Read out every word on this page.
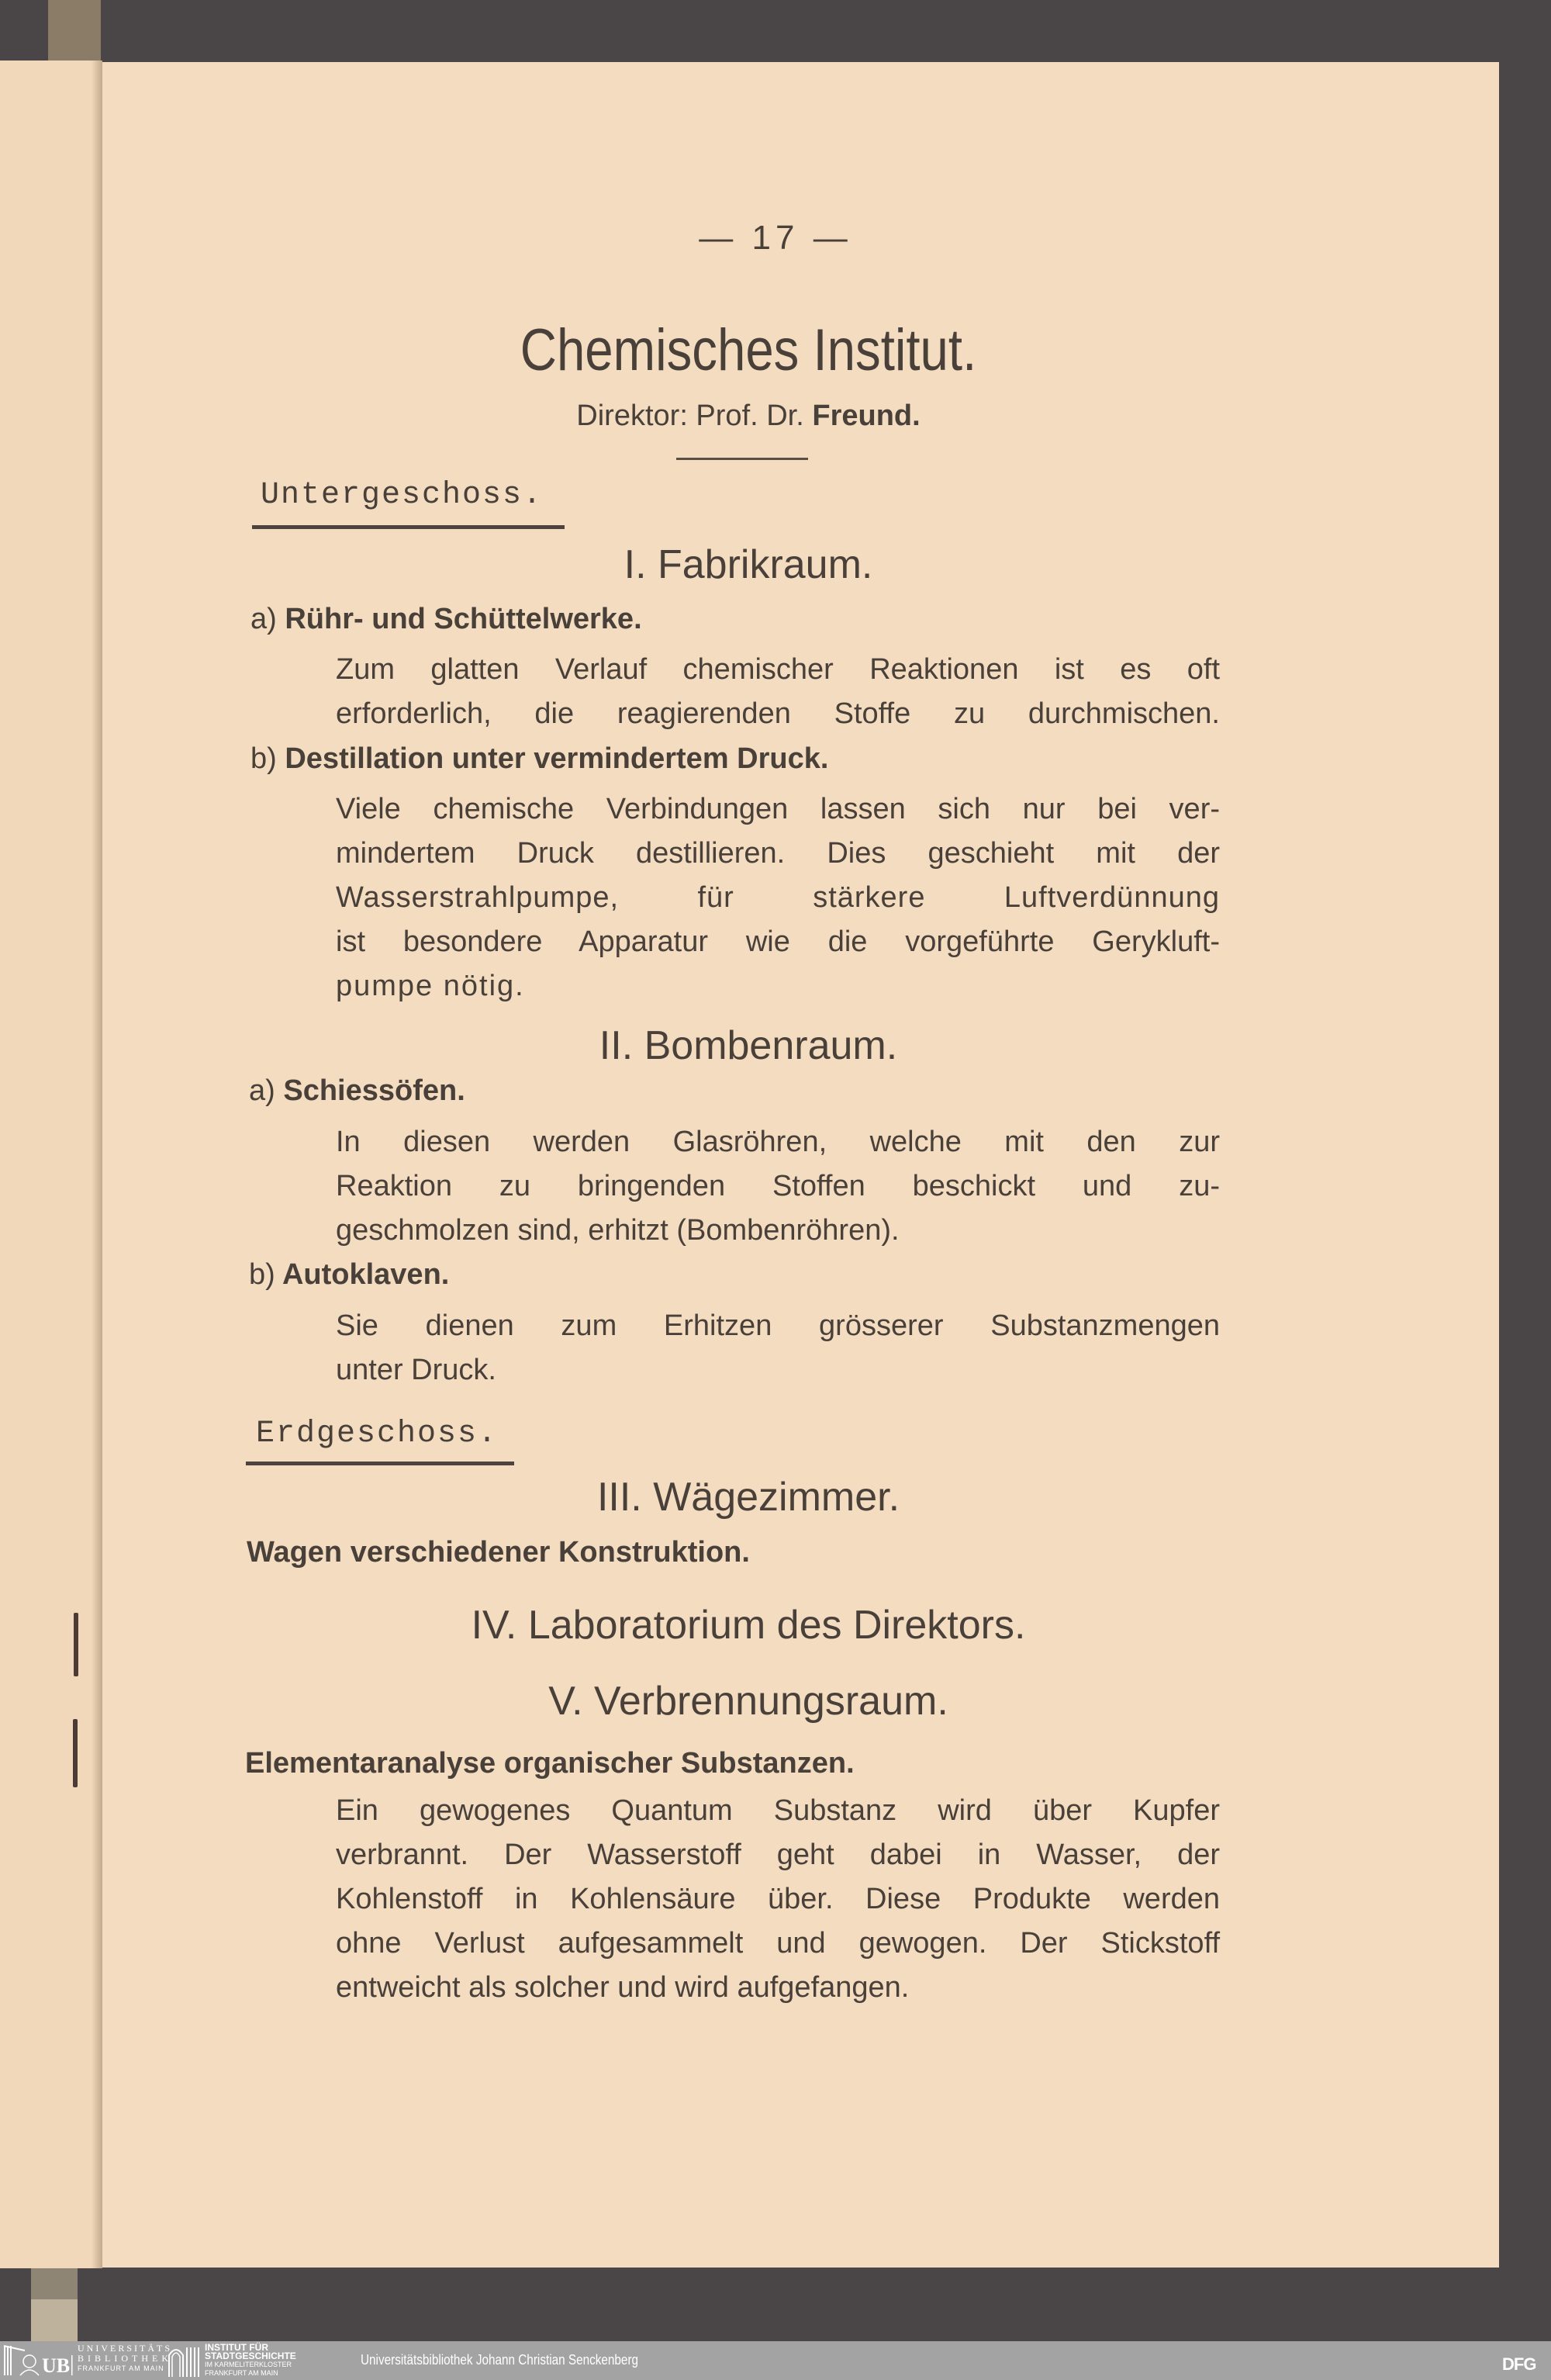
— 17 —
Chemisches Institut.
Direktor: Prof. Dr. Freund.
Untergeschoss.
I. Fabrikraum.
a) Rühr- und Schüttelwerke.
Zum glatten Verlauf chemischer Reaktionen ist es oft
erforderlich, die reagierenden Stoffe zu durchmischen.
b) Destillation unter vermindertem Druck.
Viele chemische Verbindungen lassen sich nur bei ver-
mindertem Druck destillieren. Dies geschieht mit der
Wasserstrahlpumpe, für stärkere Luftverdünnung
ist besondere Apparatur wie die vorgeführte Gerykluft-
pumpe nötig.
II. Bombenraum.
a) Schiessöfen.
In diesen werden Glasröhren, welche mit den zur
Reaktion zu bringenden Stoffen beschickt und zu-
geschmolzen sind, erhitzt (Bombenröhren).
b) Autoklaven.
Sie dienen zum Erhitzen grösserer Substanzmengen
unter Druck.
Erdgeschoss.
III. Wägezimmer.
Wagen verschiedener Konstruktion.
IV. Laboratorium des Direktors.
V. Verbrennungsraum.
Elementaranalyse organischer Substanzen.
Ein gewogenes Quantum Substanz wird über Kupfer
verbrannt. Der Wasserstoff geht dabei in Wasser, der
Kohlenstoff in Kohlensäure über. Diese Produkte werden
ohne Verlust aufgesammelt und gewogen. Der Stickstoff
entweicht als solcher und wird aufgefangen.
UB
UNIVERSITÄTS
BIBLIOTHEK
FRANKFURT AM MAIN
INSTITUT FÜR
STADTGESCHICHTE
IM KARMELITERKLOSTER
FRANKFURT AM MAIN
Universitätsbibliothek Johann Christian Senckenberg	DFG
